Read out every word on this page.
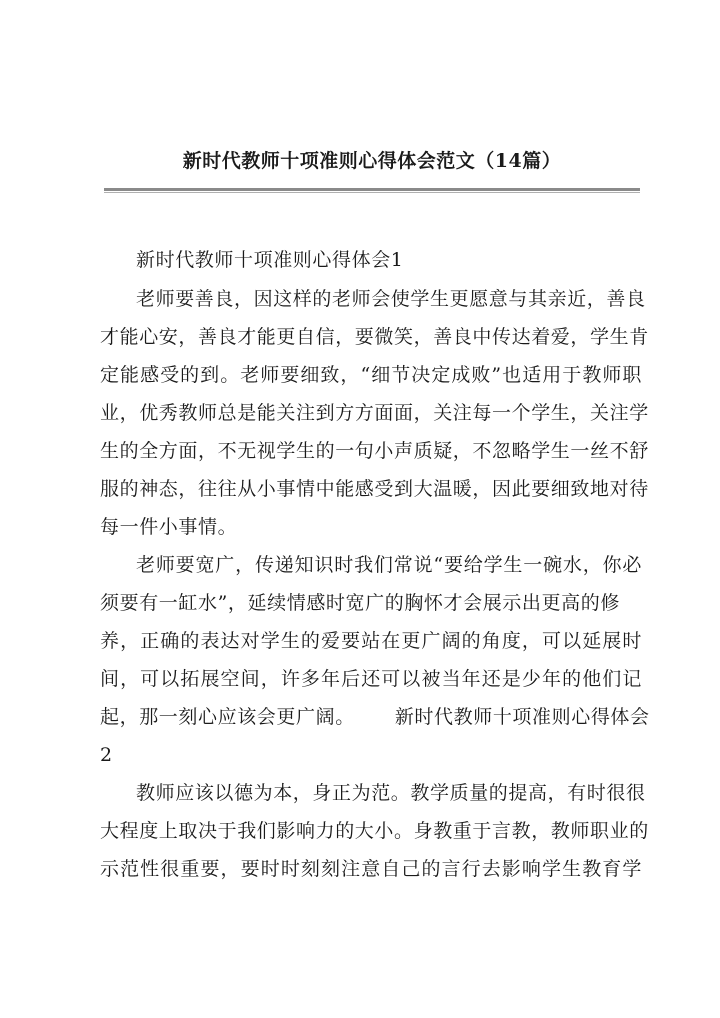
新时代教师十项准则心得体会范文（14篇）
新时代教师十项准则心得体会1
老师要善良，因这样的老师会使学生更愿意与其亲近，善良
才能心安，善良才能更自信，要微笑，善良中传达着爱，学生肯
定能感受的到。老师要细致，“细节决定成败”也适用于教师职
业，优秀教师总是能关注到方方面面，关注每一个学生，关注学
生的全方面，不无视学生的一句小声质疑，不忽略学生一丝不舒
服的神态，往往从小事情中能感受到大温暖，因此要细致地对待
每一件小事情。
老师要宽广，传递知识时我们常说“要给学生一碗水，你必
须要有一缸水”，延续情感时宽广的胸怀才会展示出更高的修
养，正确的表达对学生的爱要站在更广阔的角度，可以延展时
间，可以拓展空间，许多年后还可以被当年还是少年的他们记
起，那一刻心应该会更广阔。 新时代教师十项准则心得体会
2
教师应该以德为本，身正为范。教学质量的提高，有时很很
大程度上取决于我们影响力的大小。身教重于言教，教师职业的
示范性很重要，要时时刻刻注意自己的言行去影响学生教育学
